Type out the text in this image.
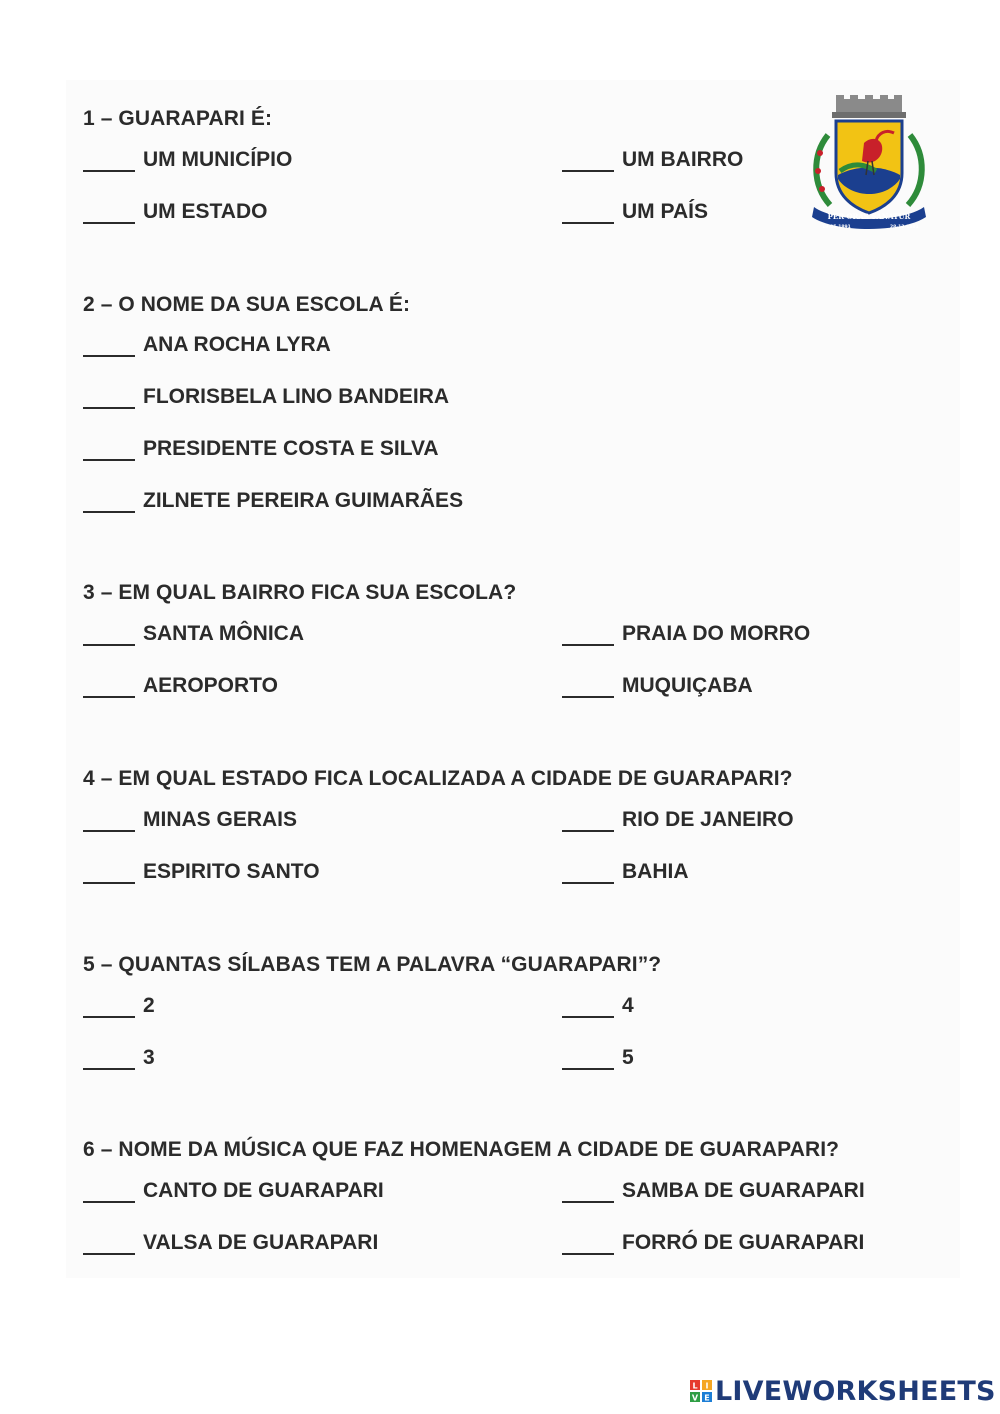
PER ORAS SANATUR
19-05-1891	28-12-1891
1 – GUARAPARI É:
UM MUNICÍPIO	UM BAIRRO
UM ESTADO	UM PAÍS
2 – O NOME DA SUA ESCOLA É:
ANA ROCHA LYRA
FLORISBELA LINO BANDEIRA
PRESIDENTE COSTA E SILVA
ZILNETE PEREIRA GUIMARÃES
3 – EM QUAL BAIRRO FICA SUA ESCOLA?
SANTA MÔNICA	PRAIA DO MORRO
AEROPORTO	MUQUIÇABA
4 – EM QUAL ESTADO FICA LOCALIZADA A CIDADE DE GUARAPARI?
MINAS GERAIS	RIO DE JANEIRO
ESPIRITO SANTO	BAHIA
5 – QUANTAS SÍLABAS TEM A PALAVRA “GUARAPARI”?
2	4
3	5
6 – NOME DA MÚSICA QUE FAZ HOMENAGEM A CIDADE DE GUARAPARI?
CANTO DE GUARAPARI	SAMBA DE GUARAPARI
VALSA DE GUARAPARI	FORRÓ DE GUARAPARI
L I
V E LIVEWORKSHEETS
